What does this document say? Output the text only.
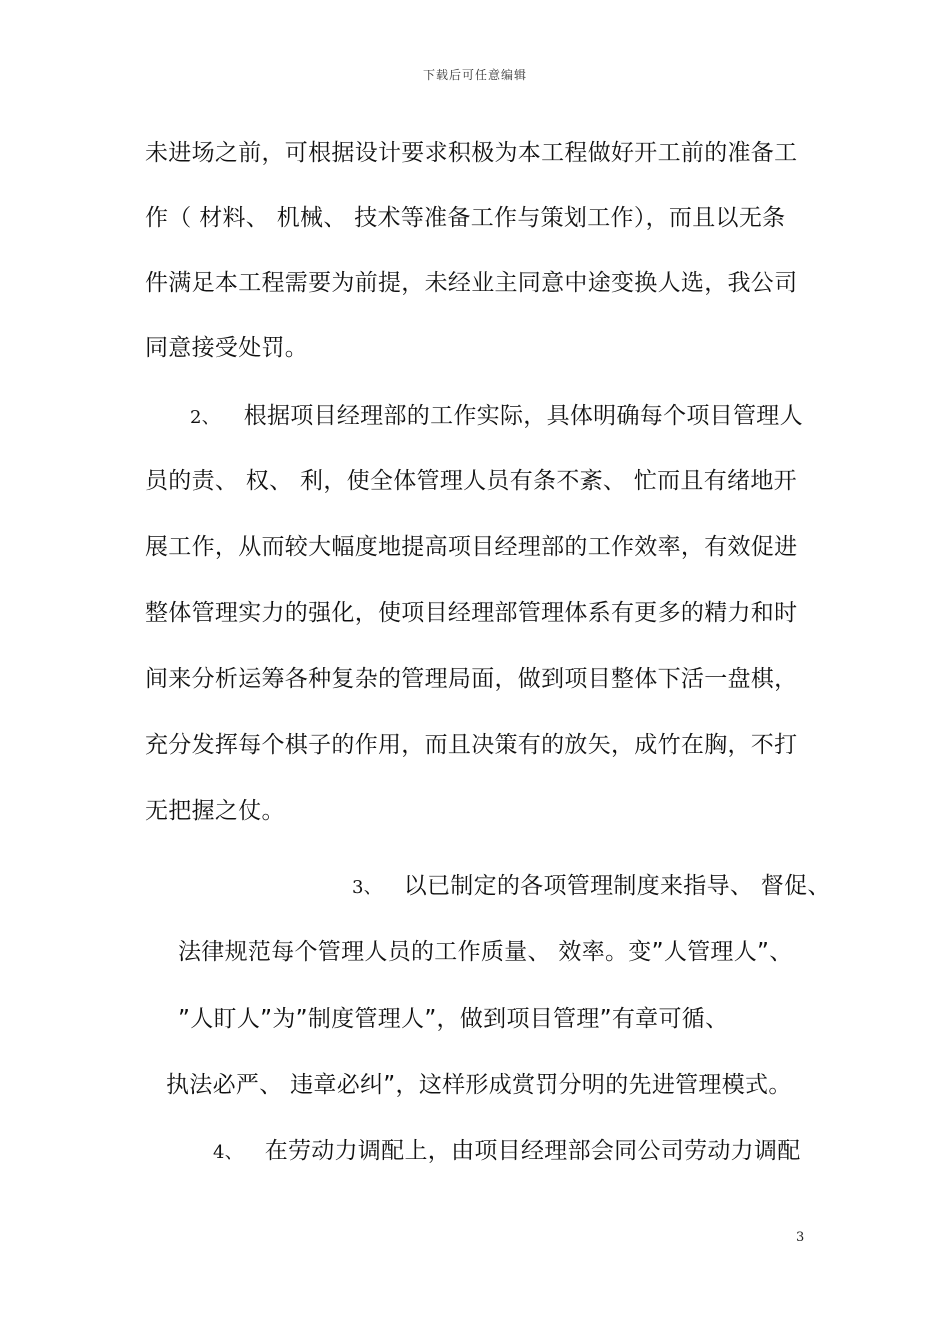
下载后可任意编辑
未进场之前，可根据设计要求积极为本工程做好开工前的准备工
作（ 材料、 机械、 技术等准备工作与策划工作），而且以无条
件满足本工程需要为前提，未经业主同意中途变换人选，我公司
同意接受处罚。
2、 根据项目经理部的工作实际，具体明确每个项目管理人
员的责、 权、 利，使全体管理人员有条不紊、 忙而且有绪地开
展工作，从而较大幅度地提高项目经理部的工作效率，有效促进
整体管理实力的强化，使项目经理部管理体系有更多的精力和时
间来分析运筹各种复杂的管理局面，做到项目整体下活一盘棋，
充分发挥每个棋子的作用，而且决策有的放矢，成竹在胸，不打
无把握之仗。
3、 以已制定的各项管理制度来指导、 督促、
法律规范每个管理人员的工作质量、 效率。变”人管理人”、
”人盯人”为”制度管理人”，做到项目管理”有章可循、
执法必严、 违章必纠”，这样形成赏罚分明的先进管理模式。
4、 在劳动力调配上，由项目经理部会同公司劳动力调配
3
